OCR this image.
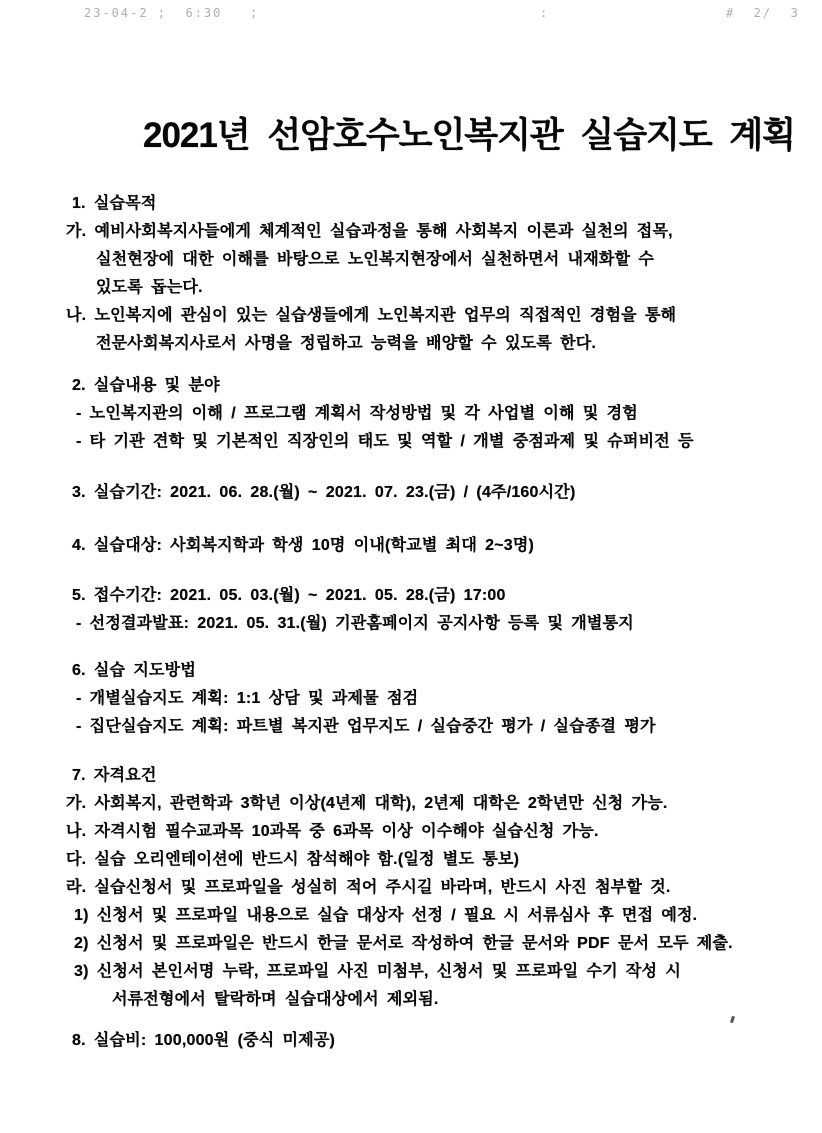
23-04-2 ;  6:30   ;	:	#  2/  3
2021년 선암호수노인복지관 실습지도 계획
1. 실습목적
가. 예비사회복지사들에게 체계적인 실습과정을 통해 사회복지 이론과 실천의 접목,
실천현장에 대한 이해를 바탕으로 노인복지현장에서 실천하면서 내재화할 수
있도록 돕는다.
나. 노인복지에 관심이 있는 실습생들에게 노인복지관 업무의 직접적인 경험을 통해
전문사회복지사로서 사명을 정립하고 능력을 배양할 수 있도록 한다.
2. 실습내용 및 분야
- 노인복지관의 이해 / 프로그램 계획서 작성방법 및 각 사업별 이해 및 경험
- 타 기관 견학 및 기본적인 직장인의 태도 및 역할 / 개별 중점과제 및 슈퍼비전 등
3. 실습기간: 2021. 06. 28.(월) ~ 2021. 07. 23.(금) / (4주/160시간)
4. 실습대상: 사회복지학과 학생 10명 이내(학교별 최대 2~3명)
5. 접수기간: 2021. 05. 03.(월) ~ 2021. 05. 28.(금) 17:00
- 선정결과발표: 2021. 05. 31.(월) 기관홈페이지 공지사항 등록 및 개별통지
6. 실습 지도방법
- 개별실습지도 계획: 1:1 상담 및 과제물 점검
- 집단실습지도 계획: 파트별 복지관 업무지도 / 실습중간 평가 / 실습종결 평가
7. 자격요건
가. 사회복지, 관련학과 3학년 이상(4년제 대학), 2년제 대학은 2학년만 신청 가능.
나. 자격시험 필수교과목 10과목 중 6과목 이상 이수해야 실습신청 가능.
다. 실습 오리엔테이션에 반드시 참석해야 함.(일정 별도 통보)
라. 실습신청서 및 프로파일을 성실히 적어 주시길 바라며, 반드시 사진 첨부할 것.
1) 신청서 및 프로파일 내용으로 실습 대상자 선정 / 필요 시 서류심사 후 면접 예정.
2) 신청서 및 프로파일은 반드시 한글 문서로 작성하여 한글 문서와 PDF 문서 모두 제출.
3) 신청서 본인서명 누락, 프로파일 사진 미첨부, 신청서 및 프로파일 수기 작성 시
서류전형에서 탈락하며 실습대상에서 제외됨.
8. 실습비: 100,000원 (중식 미제공)
